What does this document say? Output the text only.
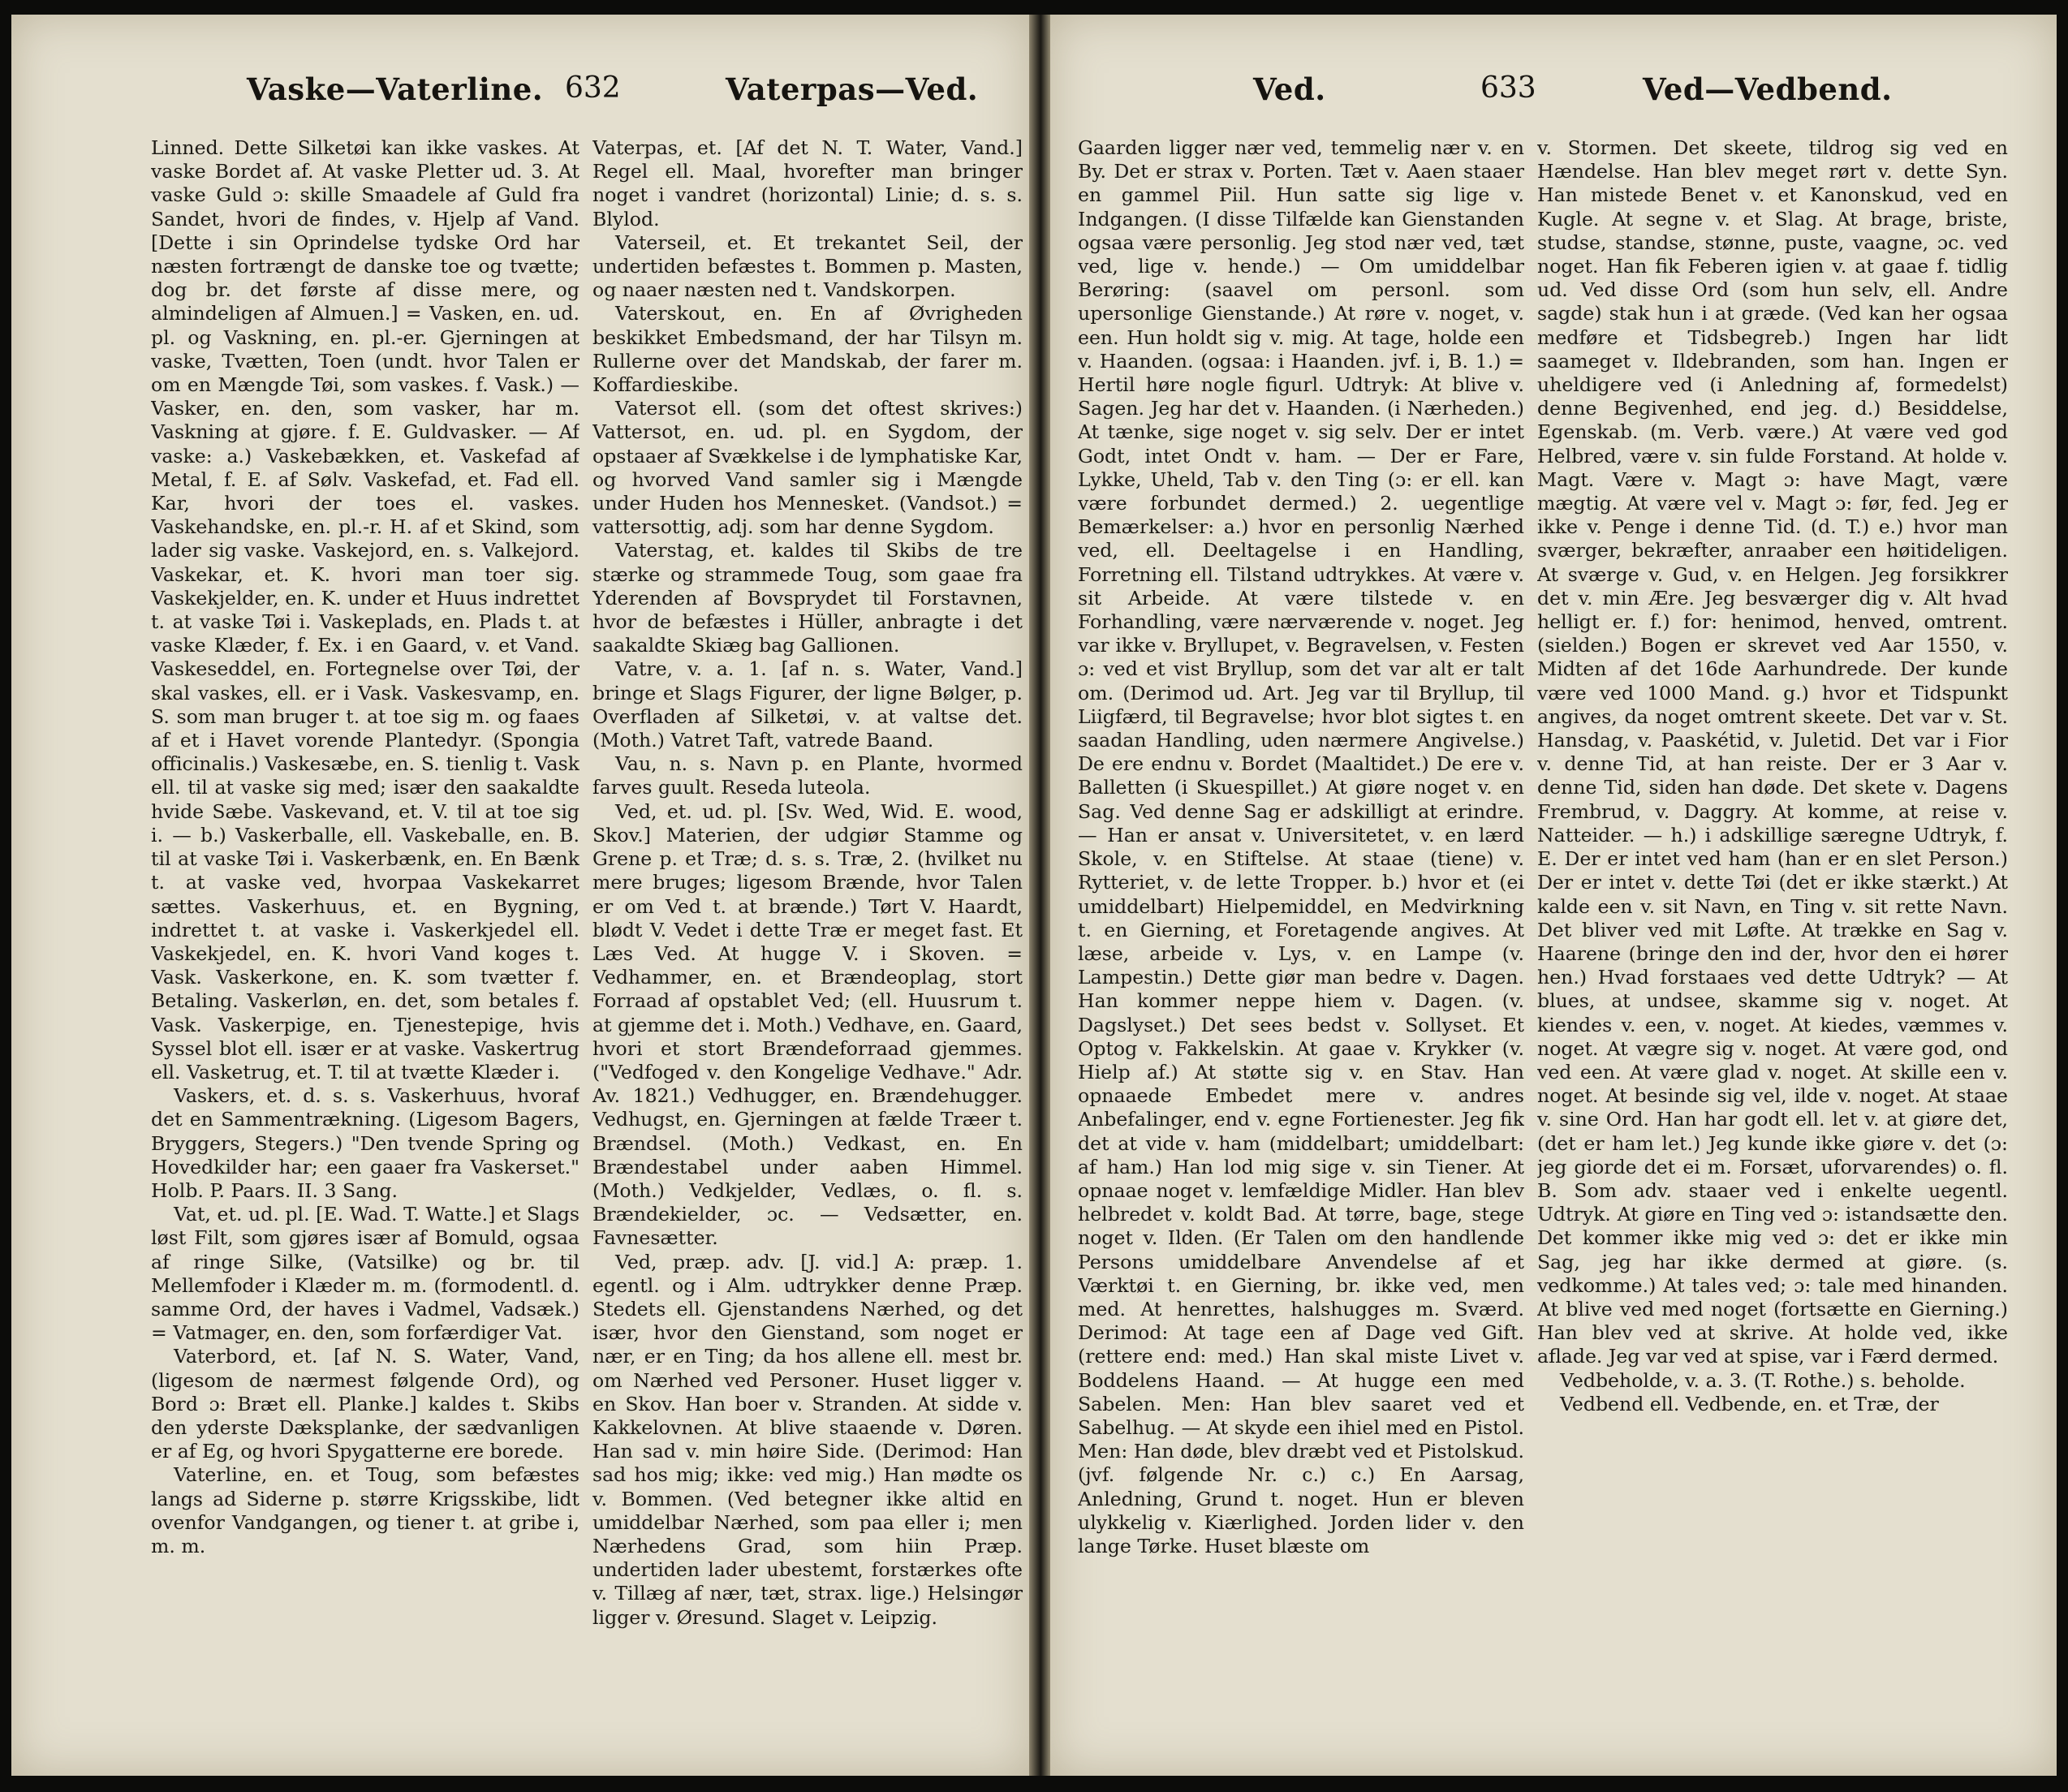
Vaske—Vaterline. 632	Vaterpas—Ved.

Linned. Dette Silketøi kan ikke vaskes. At vaske Bordet af. At vaske Pletter ud. 3. At vaske Guld ɔ: skille Smaadele af Guld fra Sandet, hvori de findes, v. Hjelp af Vand. [Dette i sin Oprindelse tydske Ord har næsten fortrængt de danske toe og tvætte; dog br. det første af disse mere, og almindeligen af Almuen.] = Vasken, en. ud. pl. og Vaskning, en. pl.-er. Gjerningen at vaske, Tvætten, Toen (undt. hvor Talen er om en Mængde Tøi, som vaskes. f. Vask.) — Vasker, en. den, som vasker, har m. Vaskning at gjøre. f. E. Guldvasker. — Af vaske: a.) Vaskebækken, et. Vaskefad af Metal, f. E. af Sølv. Vaskefad, et. Fad ell. Kar, hvori der toes el. vaskes. Vaskehandske, en. pl.-r. H. af et Skind, som lader sig vaske. Vaskejord, en. s. Valkejord. Vaskekar, et. K. hvori man toer sig. Vaskekjelder, en. K. under et Huus indrettet t. at vaske Tøi i. Vaskeplads, en. Plads t. at vaske Klæder, f. Ex. i en Gaard, v. et Vand. Vaskeseddel, en. Fortegnelse over Tøi, der skal vaskes, ell. er i Vask. Vaskesvamp, en. S. som man bruger t. at toe sig m. og faaes af et i Havet vorende Plantedyr. (Spongia officinalis.) Vaskesæbe, en. S. tienlig t. Vask ell. til at vaske sig med; især den saakaldte hvide Sæbe. Vaskevand, et. V. til at toe sig i. — b.) Vaskerballe, ell. Vaskeballe, en. B. til at vaske Tøi i. Vaskerbænk, en. En Bænk t. at vaske ved, hvorpaa Vaskekarret sættes. Vaskerhuus, et. en Bygning, indrettet t. at vaske i. Vaskerkjedel ell. Vaskekjedel, en. K. hvori Vand koges t. Vask. Vaskerkone, en. K. som tvætter f. Betaling. Vaskerløn, en. det, som betales f. Vask. Vaskerpige, en. Tjenestepige, hvis Syssel blot ell. især er at vaske. Vaskertrug ell. Vasketrug, et. T. til at tvætte Klæder i.

Vaskers, et. d. s. s. Vaskerhuus, hvoraf det en Sammentrækning. (Ligesom Bagers, Bryggers, Stegers.) "Den tvende Spring og Hovedkilder har; een gaaer fra Vaskerset." Holb. P. Paars. II. 3 Sang.

Vat, et. ud. pl. [E. Wad. T. Watte.] et Slags løst Filt, som gjøres især af Bomuld, ogsaa af ringe Silke, (Vatsilke) og br. til Mellemfoder i Klæder m. m. (formodentl. d. samme Ord, der haves i Vadmel, Vadsæk.) = Vatmager, en. den, som forfærdiger Vat.

Vaterbord, et. [af N. S. Water, Vand, (ligesom de nærmest følgende Ord), og Bord ɔ: Bræt ell. Planke.] kaldes t. Skibs den yderste Dæksplanke, der sædvanligen er af Eg, og hvori Spygatterne ere borede.

Vaterline, en. et Toug, som befæstes langs ad Siderne p. større Krigsskibe, lidt ovenfor Vandgangen, og tiener t. at gribe i, m. m.

Vaterpas, et. [Af det N. T. Water, Vand.] Regel ell. Maal, hvorefter man bringer noget i vandret (horizontal) Linie; d. s. s. Blylod.

Vaterseil, et. Et trekantet Seil, der undertiden befæstes t. Bommen p. Masten, og naaer næsten ned t. Vandskorpen.

Vaterskout, en. En af Øvrigheden beskikket Embedsmand, der har Tilsyn m. Rullerne over det Mandskab, der farer m. Koffardieskibe.

Vatersot ell. (som det oftest skrives:) Vattersot, en. ud. pl. en Sygdom, der opstaaer af Svækkelse i de lymphatiske Kar, og hvorved Vand samler sig i Mængde under Huden hos Mennesket. (Vandsot.) = vattersottig, adj. som har denne Sygdom.

Vaterstag, et. kaldes til Skibs de tre stærke og strammede Toug, som gaae fra Yderenden af Bovsprydet til Forstavnen, hvor de befæstes i Hüller, anbragte i det saakaldte Skiæg bag Gallionen.

Vatre, v. a. 1. [af n. s. Water, Vand.] bringe et Slags Figurer, der ligne Bølger, p. Overfladen af Silketøi, v. at valtse det. (Moth.) Vatret Taft, vatrede Baand.

Vau, n. s. Navn p. en Plante, hvormed farves guult. Reseda luteola.

Ved, et. ud. pl. [Sv. Wed, Wid. E. wood, Skov.] Materien, der udgiør Stamme og Grene p. et Træ; d. s. s. Træ, 2. (hvilket nu mere bruges; ligesom Brænde, hvor Talen er om Ved t. at brænde.) Tørt V. Haardt, blødt V. Vedet i dette Træ er meget fast. Et Læs Ved. At hugge V. i Skoven. = Vedhammer, en. et Brændeoplag, stort Forraad af opstablet Ved; (ell. Huusrum t. at gjemme det i. Moth.) Vedhave, en. Gaard, hvori et stort Brændeforraad gjemmes. ("Vedfoged v. den Kongelige Vedhave." Adr. Av. 1821.) Vedhugger, en. Brændehugger. Vedhugst, en. Gjerningen at fælde Træer t. Brændsel. (Moth.) Vedkast, en. En Brændestabel under aaben Himmel. (Moth.) Vedkjelder, Vedlæs, o. fl. s. Brændekielder, ɔc. — Vedsætter, en. Favnesætter.

Ved, præp. adv. [J. vid.] A: præp. 1. egentl. og i Alm. udtrykker denne Præp. Stedets ell. Gjenstandens Nærhed, og det især, hvor den Gienstand, som noget er nær, er en Ting; da hos allene ell. mest br. om Nærhed ved Personer. Huset ligger v. en Skov. Han boer v. Stranden. At sidde v. Kakkelovnen. At blive staaende v. Døren. Han sad v. min høire Side. (Derimod: Han sad hos mig; ikke: ved mig.) Han mødte os v. Bommen. (Ved betegner ikke altid en umiddelbar Nærhed, som paa eller i; men Nærhedens Grad, som hiin Præp. undertiden lader ubestemt, forstærkes ofte v. Tillæg af nær, tæt, strax. lige.) Helsingør ligger v. Øresund. Slaget v. Leipzig.

Ved.	633	Ved—Vedbend.

Gaarden ligger nær ved, temmelig nær v. en By. Det er strax v. Porten. Tæt v. Aaen staaer en gammel Piil. Hun satte sig lige v. Indgangen. (I disse Tilfælde kan Gienstanden ogsaa være personlig. Jeg stod nær ved, tæt ved, lige v. hende.) — Om umiddelbar Berøring: (saavel om personl. som upersonlige Gienstande.) At røre v. noget, v. een. Hun holdt sig v. mig. At tage, holde een v. Haanden. (ogsaa: i Haanden. jvf. i, B. 1.) = Hertil høre nogle figurl. Udtryk: At blive v. Sagen. Jeg har det v. Haanden. (i Nærheden.) At tænke, sige noget v. sig selv. Der er intet Godt, intet Ondt v. ham. — Der er Fare, Lykke, Uheld, Tab v. den Ting (ɔ: er ell. kan være forbundet dermed.) 2. uegentlige Bemærkelser: a.) hvor en personlig Nærhed ved, ell. Deeltagelse i en Handling, Forretning ell. Tilstand udtrykkes. At være v. sit Arbeide. At være tilstede v. en Forhandling, være nærværende v. noget. Jeg var ikke v. Bryllupet, v. Begravelsen, v. Festen ɔ: ved et vist Bryllup, som det var alt er talt om. (Derimod ud. Art. Jeg var til Bryllup, til Liigfærd, til Begravelse; hvor blot sigtes t. en saadan Handling, uden nærmere Angivelse.) De ere endnu v. Bordet (Maaltidet.) De ere v. Balletten (i Skuespillet.) At giøre noget v. en Sag. Ved denne Sag er adskilligt at erindre. — Han er ansat v. Universitetet, v. en lærd Skole, v. en Stiftelse. At staae (tiene) v. Rytteriet, v. de lette Tropper. b.) hvor et (ei umiddelbart) Hielpemiddel, en Medvirkning t. en Gierning, et Foretagende angives. At læse, arbeide v. Lys, v. en Lampe (v. Lampestin.) Dette giør man bedre v. Dagen. Han kommer neppe hiem v. Dagen. (v. Dagslyset.) Det sees bedst v. Sollyset. Et Optog v. Fakkelskin. At gaae v. Krykker (v. Hielp af.) At støtte sig v. en Stav. Han opnaaede Embedet mere v. andres Anbefalinger, end v. egne Fortienester. Jeg fik det at vide v. ham (middelbart; umiddelbart: af ham.) Han lod mig sige v. sin Tiener. At opnaae noget v. lemfældige Midler. Han blev helbredet v. koldt Bad. At tørre, bage, stege noget v. Ilden. (Er Talen om den handlende Persons umiddelbare Anvendelse af et Værktøi t. en Gierning, br. ikke ved, men med. At henrettes, halshugges m. Sværd. Derimod: At tage een af Dage ved Gift. (rettere end: med.) Han skal miste Livet v. Boddelens Haand. — At hugge een med Sabelen. Men: Han blev saaret ved et Sabelhug. — At skyde een ihiel med en Pistol. Men: Han døde, blev dræbt ved et Pistolskud. (jvf. følgende Nr. c.) c.) En Aarsag, Anledning, Grund t. noget. Hun er bleven ulykkelig v. Kiærlighed. Jorden lider v. den lange Tørke. Huset blæste om

v. Stormen. Det skeete, tildrog sig ved en Hændelse. Han blev meget rørt v. dette Syn. Han mistede Benet v. et Kanonskud, ved en Kugle. At segne v. et Slag. At brage, briste, studse, standse, stønne, puste, vaagne, ɔc. ved noget. Han fik Feberen igien v. at gaae f. tidlig ud. Ved disse Ord (som hun selv, ell. Andre sagde) stak hun i at græde. (Ved kan her ogsaa medføre et Tidsbegreb.) Ingen har lidt saameget v. Ildebranden, som han. Ingen er uheldigere ved (i Anledning af, formedelst) denne Begivenhed, end jeg. d.) Besiddelse, Egenskab. (m. Verb. være.) At være ved god Helbred, være v. sin fulde Forstand. At holde v. Magt. Være v. Magt ɔ: have Magt, være mægtig. At være vel v. Magt ɔ: før, fed. Jeg er ikke v. Penge i denne Tid. (d. T.) e.) hvor man sværger, bekræfter, anraaber een høitideligen. At sværge v. Gud, v. en Helgen. Jeg forsikkrer det v. min Ære. Jeg besværger dig v. Alt hvad helligt er. f.) for: henimod, henved, omtrent. (sielden.) Bogen er skrevet ved Aar 1550, v. Midten af det 16de Aarhundrede. Der kunde være ved 1000 Mand. g.) hvor et Tidspunkt angives, da noget omtrent skeete. Det var v. St. Hansdag, v. Paaskétid, v. Juletid. Det var i Fior v. denne Tid, at han reiste. Der er 3 Aar v. denne Tid, siden han døde. Det skete v. Dagens Frembrud, v. Daggry. At komme, at reise v. Natteider. — h.) i adskillige særegne Udtryk, f. E. Der er intet ved ham (han er en slet Person.) Der er intet v. dette Tøi (det er ikke stærkt.) At kalde een v. sit Navn, en Ting v. sit rette Navn. Det bliver ved mit Løfte. At trække en Sag v. Haarene (bringe den ind der, hvor den ei hører hen.) Hvad forstaaes ved dette Udtryk? — At blues, at undsee, skamme sig v. noget. At kiendes v. een, v. noget. At kiedes, væmmes v. noget. At vægre sig v. noget. At være god, ond ved een. At være glad v. noget. At skille een v. noget. At besinde sig vel, ilde v. noget. At staae v. sine Ord. Han har godt ell. let v. at giøre det, (det er ham let.) Jeg kunde ikke giøre v. det (ɔ: jeg giorde det ei m. Forsæt, uforvarendes) o. fl. B. Som adv. staaer ved i enkelte uegentl. Udtryk. At giøre en Ting ved ɔ: istandsætte den. Det kommer ikke mig ved ɔ: det er ikke min Sag, jeg har ikke dermed at giøre. (s. vedkomme.) At tales ved; ɔ: tale med hinanden. At blive ved med noget (fortsætte en Gierning.) Han blev ved at skrive. At holde ved, ikke aflade. Jeg var ved at spise, var i Færd dermed.

Vedbeholde, v. a. 3. (T. Rothe.) s. beholde.

Vedbend ell. Vedbende, en. et Træ, der
